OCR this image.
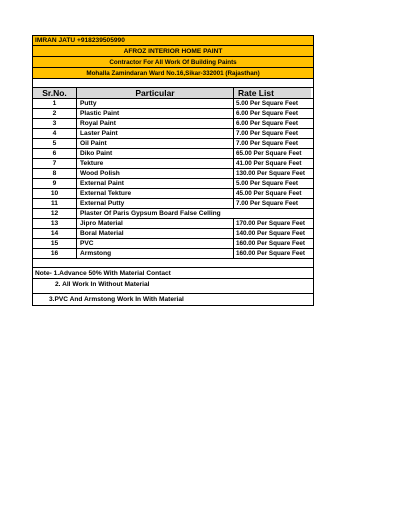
IMRAN JATU +918239505990
AFROZ INTERIOR HOME PAINT
Contractor For All Work Of Building Paints
Mohalla Zamindaran Ward No.16,Sikar-332001 (Rajasthan)
Sr.No.	Particular	Rate List
1	Putty	5.00 Per Square Feet
2	Plastic Paint	6.00 Per Square Feet
3	Royal Paint	6.00 Per Square Feet
4	Laster Paint	7.00 Per Square Feet
5	Oil Paint	7.00 Per Square Feet
6	Diko Paint	65.00 Per Square Feet
7	Tekture	41.00 Per Square Feet
8	Wood Polish	130.00 Per Square Feet
9	External Paint	5.00 Per Square Feet
10	External Tekture	45.00 Per Square Feet
11	External Putty	7.00 Per Square Feet
12	Plaster Of Paris Gypsum Board False Celling
13	Jipro Material	170.00 Per Square Feet
14	Boral Material	140.00 Per Square Feet
15	PVC	160.00 Per Square Feet
16	Armstong	160.00 Per Square Feet
Note- 1.Advance 50% With Material Contact
2. All Work In Without Material
3.PVC And Armstong Work In With Material
